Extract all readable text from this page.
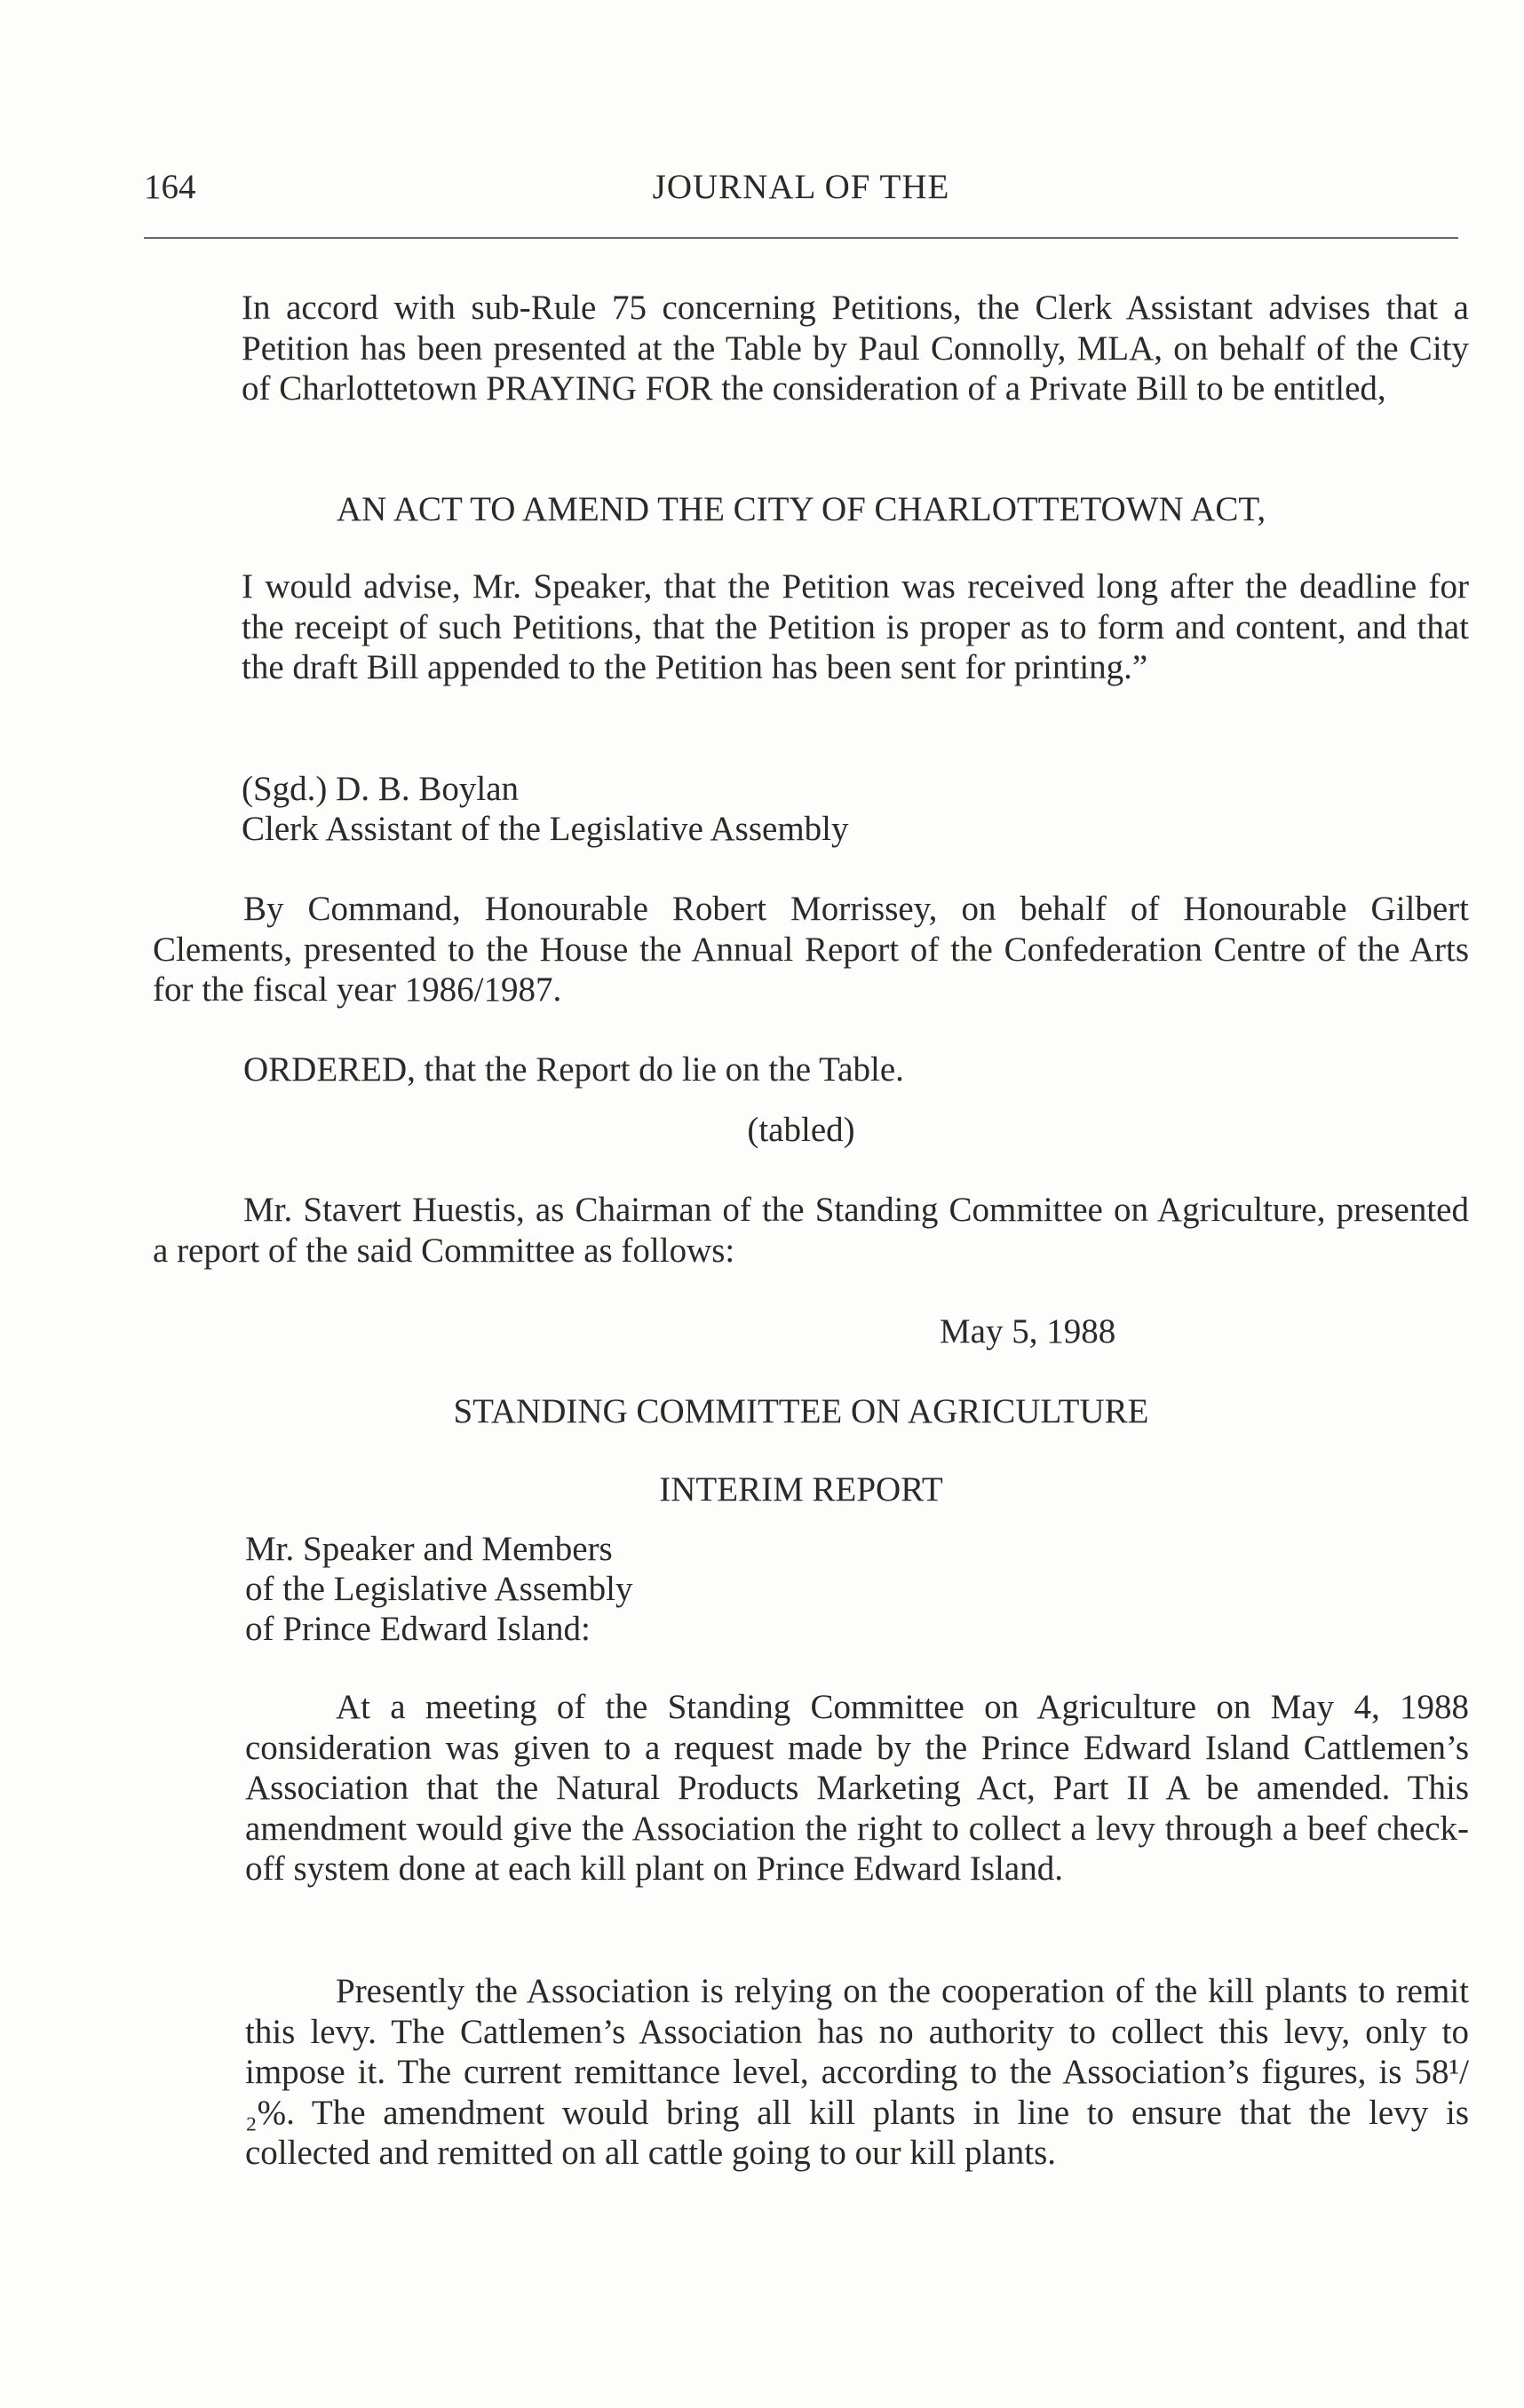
164	JOURNAL OF THE

In accord with sub-Rule 75 concerning Petitions, the Clerk Assistant advises that a Petition has been presented at the Table by Paul Connolly, MLA, on behalf of the City of Charlottetown PRAYING FOR the consideration of a Private Bill to be entitled,

AN ACT TO AMEND THE CITY OF CHARLOTTETOWN ACT,

I would advise, Mr. Speaker, that the Petition was received long after the deadline for the receipt of such Petitions, that the Petition is proper as to form and content, and that the draft Bill appended to the Petition has been sent for printing.”

(Sgd.) D. B. Boylan

Clerk Assistant of the Legislative Assembly

By Command, Honourable Robert Morrissey, on behalf of Honourable Gilbert Clements, presented to the House the Annual Report of the Confederation Centre of the Arts for the fiscal year 1986/1987.

ORDERED, that the Report do lie on the Table.

(tabled)

Mr. Stavert Huestis, as Chairman of the Standing Committee on Agriculture, presented a report of the said Committee as follows:

May 5, 1988

STANDING COMMITTEE ON AGRICULTURE

INTERIM REPORT

Mr. Speaker and Members

of the Legislative Assembly

of Prince Edward Island:

At a meeting of the Standing Committee on Agriculture on May 4, 1988 consideration was given to a request made by the Prince Edward Island Cattlemen’s Association that the Natural Products Marketing Act, Part II A be amended. This amendment would give the Association the right to collect a levy through a beef check-off system done at each kill plant on Prince Edward Island.

Presently the Association is relying on the cooperation of the kill plants to remit this levy. The Cattlemen’s Association has no authority to collect this levy, only to impose it. The current remittance level, according to the Association’s figures, is 58¹/₂%. The amendment would bring all kill plants in line to ensure that the levy is collected and remitted on all cattle going to our kill plants.
